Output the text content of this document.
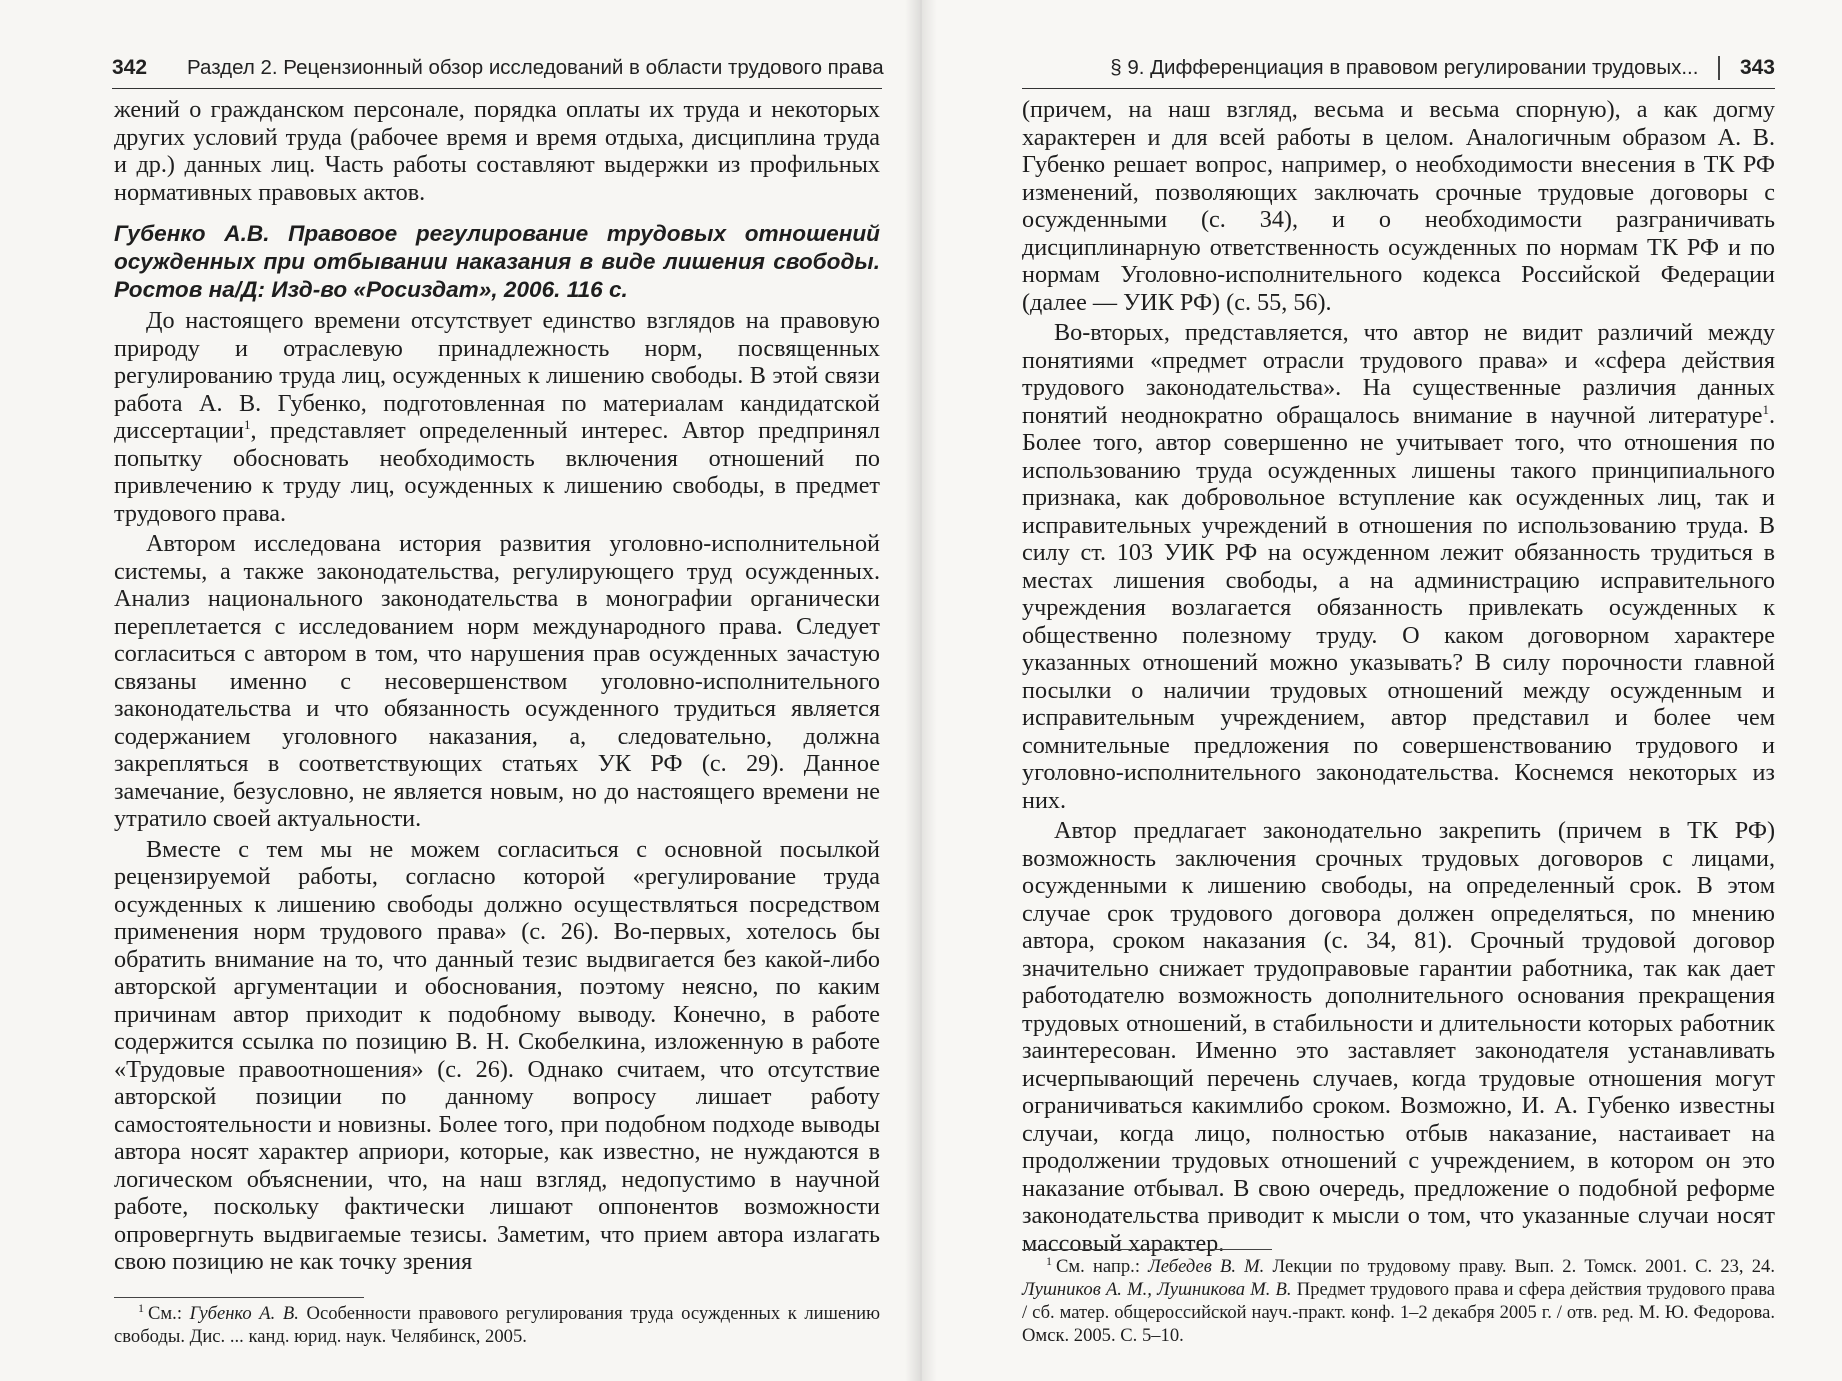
342 Раздел 2. Рецензионный обзор исследований в области трудового права

жений о гражданском персонале, порядка оплаты их труда и некоторых других условий труда (рабочее время и время отдыха, дисциплина труда и др.) данных лиц. Часть работы составляют выдержки из профильных нормативных правовых актов.

Губенко А.В. Правовое регулирование трудовых отношений осужденных при отбывании наказания в виде лишения свободы. Ростов на/Д: Изд-во «Росиздат», 2006. 116 с.

До настоящего времени отсутствует единство взглядов на правовую природу и отраслевую принадлежность норм, посвященных регулированию труда лиц, осужденных к лишению свободы. В этой связи работа А. В. Губенко, подготовленная по материалам кандидатской диссертации$^1$, представляет определенный интерес. Автор предпринял попытку обосновать необходимость включения отношений по привлечению к труду лиц, осужденных к лишению свободы, в предмет трудового права.

Автором исследована история развития уголовно-исполнительной системы, а также законодательства, регулирующего труд осужденных. Анализ национального законодательства в монографии органически переплетается с исследованием норм международного права. Следует согласиться с автором в том, что нарушения прав осужденных зачастую связаны именно с несовершенством уголовно-исполнительного законодательства и что обязанность осужденного трудиться является содержанием уголовного наказания, а, следовательно, должна закрепляться в соответствующих статьях УК РФ (с. 29). Данное замечание, безусловно, не является новым, но до настоящего времени не утратило своей актуальности.

Вместе с тем мы не можем согласиться с основной посылкой рецензируемой работы, согласно которой «регулирование труда осужденных к лишению свободы должно осуществляться посредством применения норм трудового права» (с. 26). Во-первых, хотелось бы обратить внимание на то, что данный тезис выдвигается без какой-либо авторской аргументации и обоснования, поэтому неясно, по каким причинам автор приходит к подобному выводу. Конечно, в работе содержится ссылка по позицию В. Н. Скобелкина, изложенную в работе «Трудовые правоотношения» (с. 26). Однако считаем, что отсутствие авторской позиции по данному вопросу лишает работу самостоятельности и новизны. Более того, при подобном подходе выводы автора носят характер априори, которые, как известно, не нуждаются в логическом объяснении, что, на наш взгляд, недопустимо в научной работе, поскольку фактически лишают оппонентов возможности опровергнуть выдвигаемые тезисы. Заметим, что прием автора излагать свою позицию не как точку зрения

$^1$ См.: Губенко А. В. Особенности правового регулирования труда осужденных к лишению свободы. Дис. ... канд. юрид. наук. Челябинск, 2005.
§ 9. Дифференциация в правовом регулировании трудовых... 343

(причем, на наш взгляд, весьма и весьма спорную), а как догму характерен и для всей работы в целом. Аналогичным образом А. В. Губенко решает вопрос, например, о необходимости внесения в ТК РФ изменений, позволяющих заключать срочные трудовые договоры с осужденными (с. 34), и о необходимости разграничивать дисциплинарную ответственность осужденных по нормам ТК РФ и по нормам Уголовно-исполнительного кодекса Российской Федерации (далее — УИК РФ) (с. 55, 56).

Во-вторых, представляется, что автор не видит различий между понятиями «предмет отрасли трудового права» и «сфера действия трудового законодательства». На существенные различия данных понятий неоднократно обращалось внимание в научной литературе$^1$. Более того, автор совершенно не учитывает того, что отношения по использованию труда осужденных лишены такого принципиального признака, как добровольное вступление как осужденных лиц, так и исправительных учреждений в отношения по использованию труда. В силу ст. 103 УИК РФ на осужденном лежит обязанность трудиться в местах лишения свободы, а на администрацию исправительного учреждения возлагается обязанность привлекать осужденных к общественно полезному труду. О каком договорном характере указанных отношений можно указывать? В силу порочности главной посылки о наличии трудовых отношений между осужденным и исправительным учреждением, автор представил и более чем сомнительные предложения по совершенствованию трудового и уголовно-исполнительного законодательства. Коснемся некоторых из них.

Автор предлагает законодательно закрепить (причем в ТК РФ) возможность заключения срочных трудовых договоров с лицами, осужденными к лишению свободы, на определенный срок. В этом случае срок трудового договора должен определяться, по мнению автора, сроком наказания (с. 34, 81). Срочный трудовой договор значительно снижает трудоправовые гарантии работника, так как дает работодателю возможность дополнительного основания прекращения трудовых отношений, в стабильности и длительности которых работник заинтересован. Именно это заставляет законодателя устанавливать исчерпывающий перечень случаев, когда трудовые отношения могут ограничиваться какимлибо сроком. Возможно, И. А. Губенко известны случаи, когда лицо, полностью отбыв наказание, настаивает на продолжении трудовых отношений с учреждением, в котором он это наказание отбывал. В свою очередь, предложение о подобной реформе законодательства приводит к мысли о том, что указанные случаи носят массовый характер.

$^1$ См. напр.: Лебедев В. М. Лекции по трудовому праву. Вып. 2. Томск. 2001. С. 23, 24. Лушников А. М., Лушникова М. В. Предмет трудового права и сфера действия трудового права / сб. матер. общероссийской науч.-практ. конф. 1–2 декабря 2005 г. / отв. ред. М. Ю. Федорова. Омск. 2005. С. 5–10.
